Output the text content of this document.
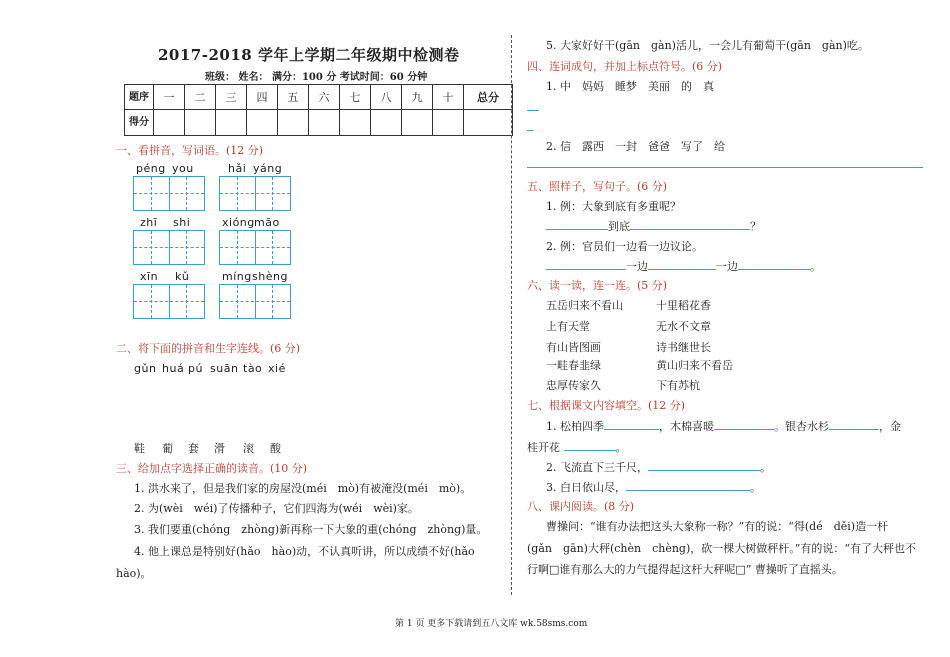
2017-2018 学年上学期二年级期中检测卷
班级： 姓名： 满分：100 分 考试时间：60 分钟
题序	一	二	三	四	五	六	七	八	九	十	总分
得分											
一、看拼音，写词语。(12 分)
péng you	hǎi yáng
zhī shi	xióng māo
xīn kǔ	míng shèng
二、将下面的拼音和生字连线。(6 分)
gǔn huá pú suān tào xié
鞋 葡 套 滑 滚 酸
三、给加点字选择正确的读音。(10 分)
1. 洪水来了，但是我们家的房屋没(méi　mò)有被淹没(méi　mò)。
2. 为(wèi　wéi)了传播种子，它们四海为(wéi　wèi)家。
3. 我们要重(chóng　zhòng)新再称一下大象的重(chóng　zhòng)量。
4. 他上课总是特别好(hǎo　hào)动，不认真听讲，所以成绩不好(hǎo
hào)。
5. 大家好好干(gān　gàn)活儿，一会儿有葡萄干(gān　gàn)吃。
四、连词成句，并加上标点符号。(6 分)
1. 中　妈妈　睡梦　美丽　的　真
2. 信　露西　一封　爸爸　写了　给
五、照样子，写句子。(6 分)
1. 例：大象到底有多重呢？
到底	？
2. 例：官员们一边看一边议论。
一边	一边	。
六、读一读，连一连。(5 分)
五岳归来不看山
上有天堂
有山皆图画
一畦春韭绿
忠厚传家久
十里稻花香
无水不文章
诗书继世长
黄山归来不看岳
下有苏杭
七、根据课文内容填空。(12 分)
1. 松柏四季	，木棉喜暖	。银杏水杉	，金
桂开花	。
2. 飞流直下三千尺，	。
3. 白日依山尽，	。
八、课内阅读。(8 分)
曹操问：“谁有办法把这头大象称一称？”有的说：“得(dé　děi)造一杆
(gǎn　gān)大秤(chèn　chèng)，砍一棵大树做秤杆。”有的说：“有了大秤也不
行啊□谁有那么大的力气提得起这杆大秤呢□” 曹操听了直摇头。
第 1 页 更多下载请到五八文库 wk.58sms.com
